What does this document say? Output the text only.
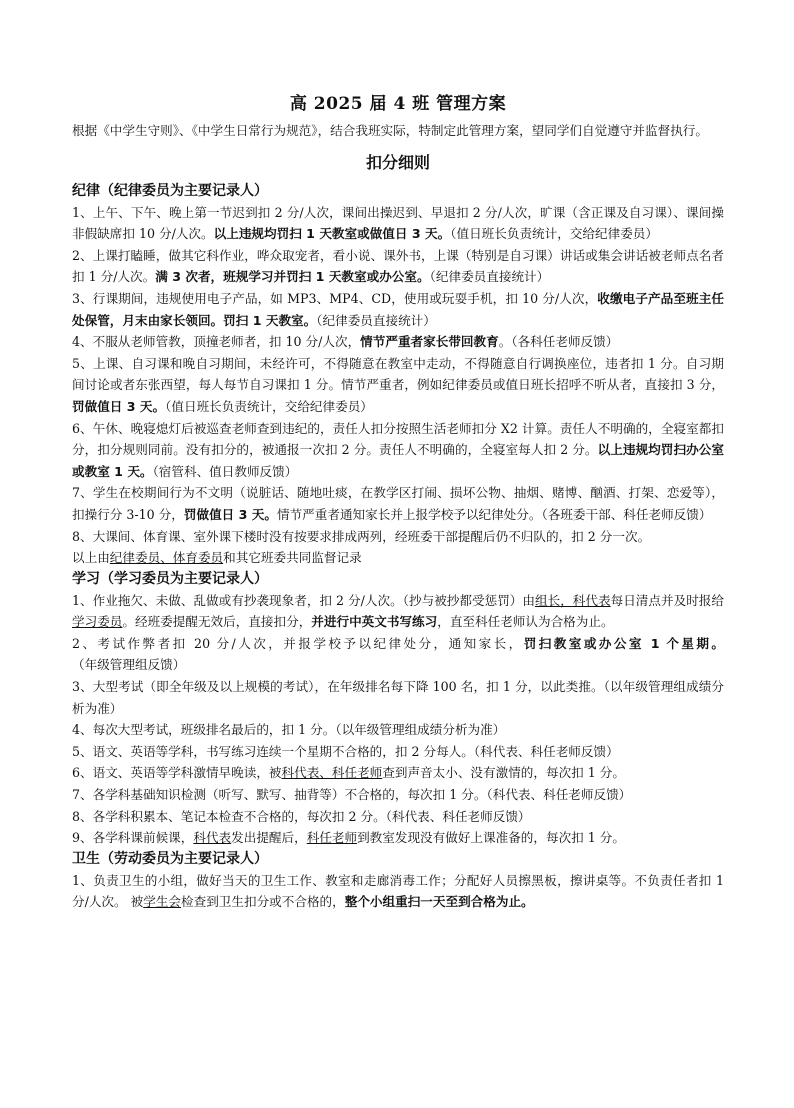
高 2025 届 4 班 管理方案

根据《中学生守则》、《中学生日常行为规范》，结合我班实际，特制定此管理方案，望同学们自觉遵守并监督执行。

扣分细则
纪律（纪律委员为主要记录人）

1、上午、下午、晚上第一节迟到扣 2 分/人次，课间出操迟到、早退扣 2 分/人次，旷课（含正课及自习课）、课间操非假缺席扣 10 分/人次。以上违规均罚扫 1 天教室或做值日 3 天。（值日班长负责统计，交给纪律委员）

2、上课打瞌睡，做其它科作业，哗众取宠者，看小说、课外书，上课（特别是自习课）讲话或集会讲话被老师点名者扣 1 分/人次。满 3 次者，班规学习并罚扫 1 天教室或办公室。（纪律委员直接统计）

3、行课期间，违规使用电子产品，如 MP3、MP4、CD，使用或玩耍手机，扣 10 分/人次，收缴电子产品至班主任处保管，月末由家长领回。罚扫 1 天教室。（纪律委员直接统计）

4、不服从老师管教，顶撞老师者，扣 10 分/人次，情节严重者家长带回教育。（各科任老师反馈）

5、上课、自习课和晚自习期间，未经许可，不得随意在教室中走动，不得随意自行调换座位，违者扣 1 分。自习期间讨论或者东张西望，每人每节自习课扣 1 分。情节严重者，例如纪律委员或值日班长招呼不听从者，直接扣 3 分，罚做值日 3 天。（值日班长负责统计，交给纪律委员）

6、午休、晚寝熄灯后被巡查老师查到违纪的，责任人扣分按照生活老师扣分 X2 计算。责任人不明确的，全寝室都扣分，扣分规则同前。没有扣分的，被通报一次扣 2 分。责任人不明确的，全寝室每人扣 2 分。以上违规均罚扫办公室或教室 1 天。（宿管科、值日教师反馈）

7、学生在校期间行为不文明（说脏话、随地吐痰，在教学区打闹、损坏公物、抽烟、赌博、酗酒、打架、恋爱等），扣操行分 3-10 分，罚做值日 3 天。情节严重者通知家长并上报学校予以纪律处分。（各班委干部、科任老师反馈）

8、大课间、体育课、室外课下楼时没有按要求排成两列，经班委干部提醒后仍不归队的，扣 2 分一次。

以上由纪律委员、体育委员和其它班委共同监督记录

学习（学习委员为主要记录人）

1、作业拖欠、未做、乱做或有抄袭现象者，扣 2 分/人次。（抄与被抄都受惩罚）由组长，科代表每日清点并及时报给学习委员。经班委提醒无效后，直接扣分，并进行中英文书写练习，直至科任老师认为合格为止。

2、考试作弊者扣 20 分/人次，并报学校予以纪律处分，通知家长，罚扫教室或办公室 1 个星期。（年级管理组反馈）

3、大型考试（即全年级及以上规模的考试），在年级排名每下降 100 名，扣 1 分，以此类推。（以年级管理组成绩分析为准）

4、每次大型考试，班级排名最后的，扣 1 分。（以年级管理组成绩分析为准）

5、语文、英语等学科，书写练习连续一个星期不合格的，扣 2 分每人。（科代表、科任老师反馈）

6、语文、英语等学科激情早晚读，被科代表、科任老师查到声音太小、没有激情的，每次扣 1 分。

7、各学科基础知识检测（听写、默写、抽背等）不合格的，每次扣 1 分。（科代表、科任老师反馈）

8、各学科积累本、笔记本检查不合格的，每次扣 2 分。（科代表、科任老师反馈）

9、各学科课前候课，科代表发出提醒后，科任老师到教室发现没有做好上课准备的，每次扣 1 分。

卫生（劳动委员为主要记录人）

1、负责卫生的小组，做好当天的卫生工作、教室和走廊消毒工作；分配好人员擦黑板，擦讲桌等。不负责任者扣 1 分/人次。 被学生会检查到卫生扣分或不合格的，整个小组重扫一天至到合格为止。
